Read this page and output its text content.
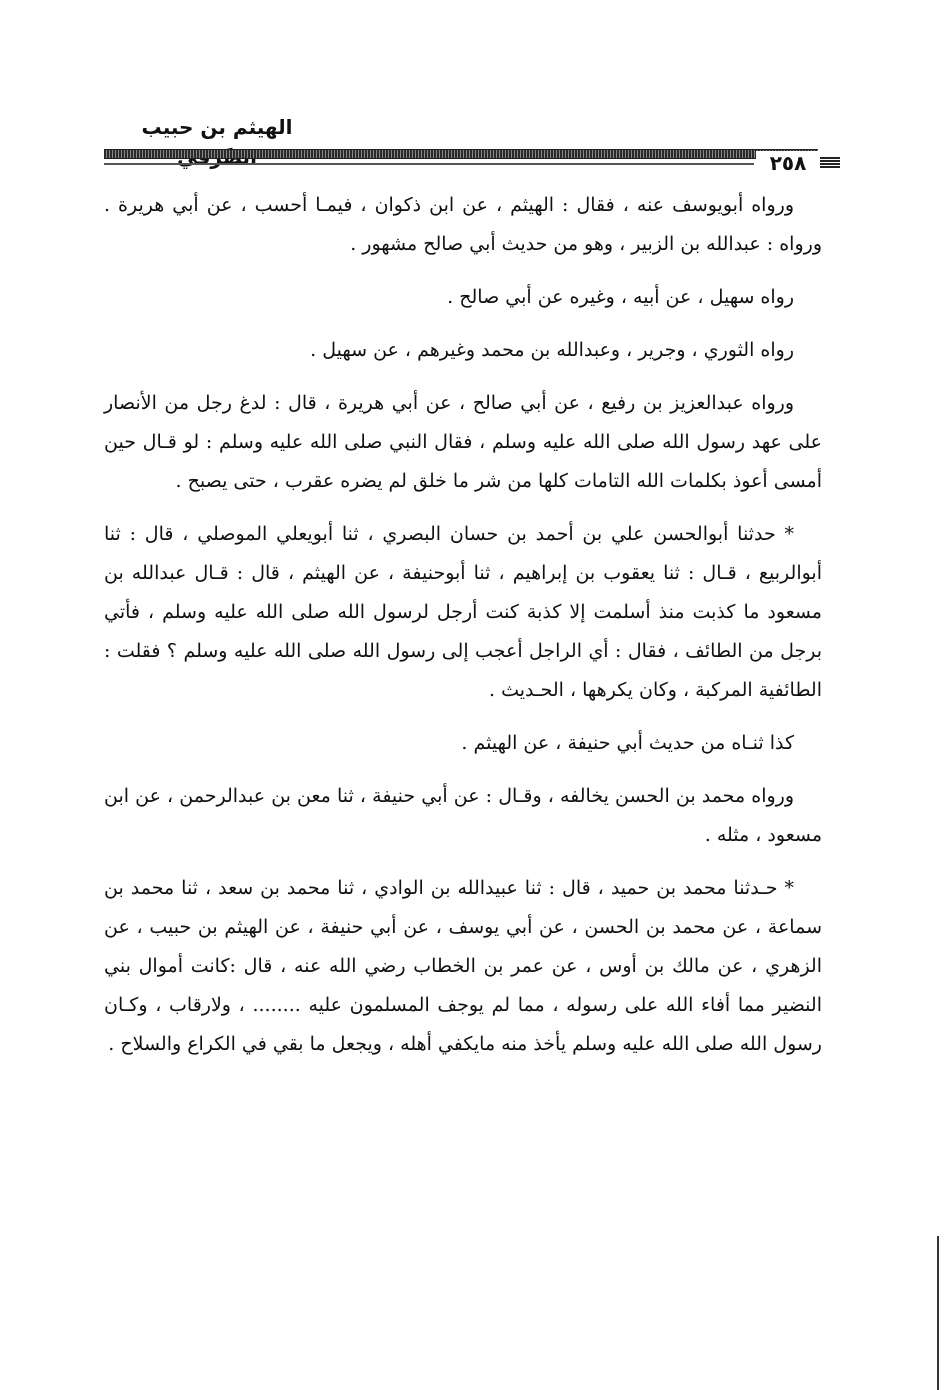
الهيثم بن حبيب
٢٥٨

ورواه أبويوسف عنه ، فقال : الهيثم ، عن ابن ذكوان ، فيمـا أحسب ، عن أبي هريرة . ورواه : عبدالله بن الزبير ، وهو من حديث أبي صالح مشهور .

رواه سهيل ، عن أبيه ، وغيره عن أبي صالح .

رواه الثوري ، وجرير ، وعبدالله بن محمد وغيرهم ، عن سهيل .

ورواه عبدالعزيز بن رفيع ، عن أبي صالح ، عن أبي هريرة ، قال : لدغ رجل من الأنصار على عهد رسول الله صلى الله عليه وسلم ، فقال النبي صلى الله عليه وسلم : لو قـال حين أمسى أعوذ بكلمات الله التامات كلها من شر ما خلق لم يضره عقرب ، حتى يصبح .

* حدثنا أبوالحسن علي بن أحمد بن حسان البصري ، ثنا أبويعلي الموصلي ، قال : ثنا أبوالربيع ، قـال : ثنا يعقوب بن إبراهيم ، ثنا أبوحنيفة ، عن الهيثم ، قال : قـال عبدالله بن مسعود ما كذبت منذ أسلمت إلا كذبة كنت أرجل لرسول الله صلى الله عليه وسلم ، فأتي برجل من الطائف ، فقال : أي الراجل أعجب إلى رسول الله صلى الله عليه وسلم ؟ فقلت : الطائفية المركبة ، وكان يكرهها ، الحـديث .

كذا ثنـاه من حديث أبي حنيفة ، عن الهيثم .

ورواه محمد بن الحسن يخالفه ، وقـال : عن أبي حنيفة ، ثنا معن بن عبدالرحمن ، عن ابن مسعود ، مثله .

* حـدثنا محمد بن حميد ، قال : ثنا عبيدالله بن الوادي ، ثنا محمد بن سعد ، ثنا محمد بن سماعة ، عن محمد بن الحسن ، عن أبي يوسف ، عن أبي حنيفة ، عن الهيثم بن حبيب ، عن الزهري ، عن مالك بن أوس ، عن عمر بن الخطاب رضي الله عنه ، قال :كانت أموال بني النضير مما أفاء الله على رسوله ، مما لم يوجف المسلمون عليه ........ ، ولارقاب ، وكـان رسول الله صلى الله عليه وسلم يأخذ منه مايكفي أهله ، ويجعل ما بقي في الكراع والسلاح .
